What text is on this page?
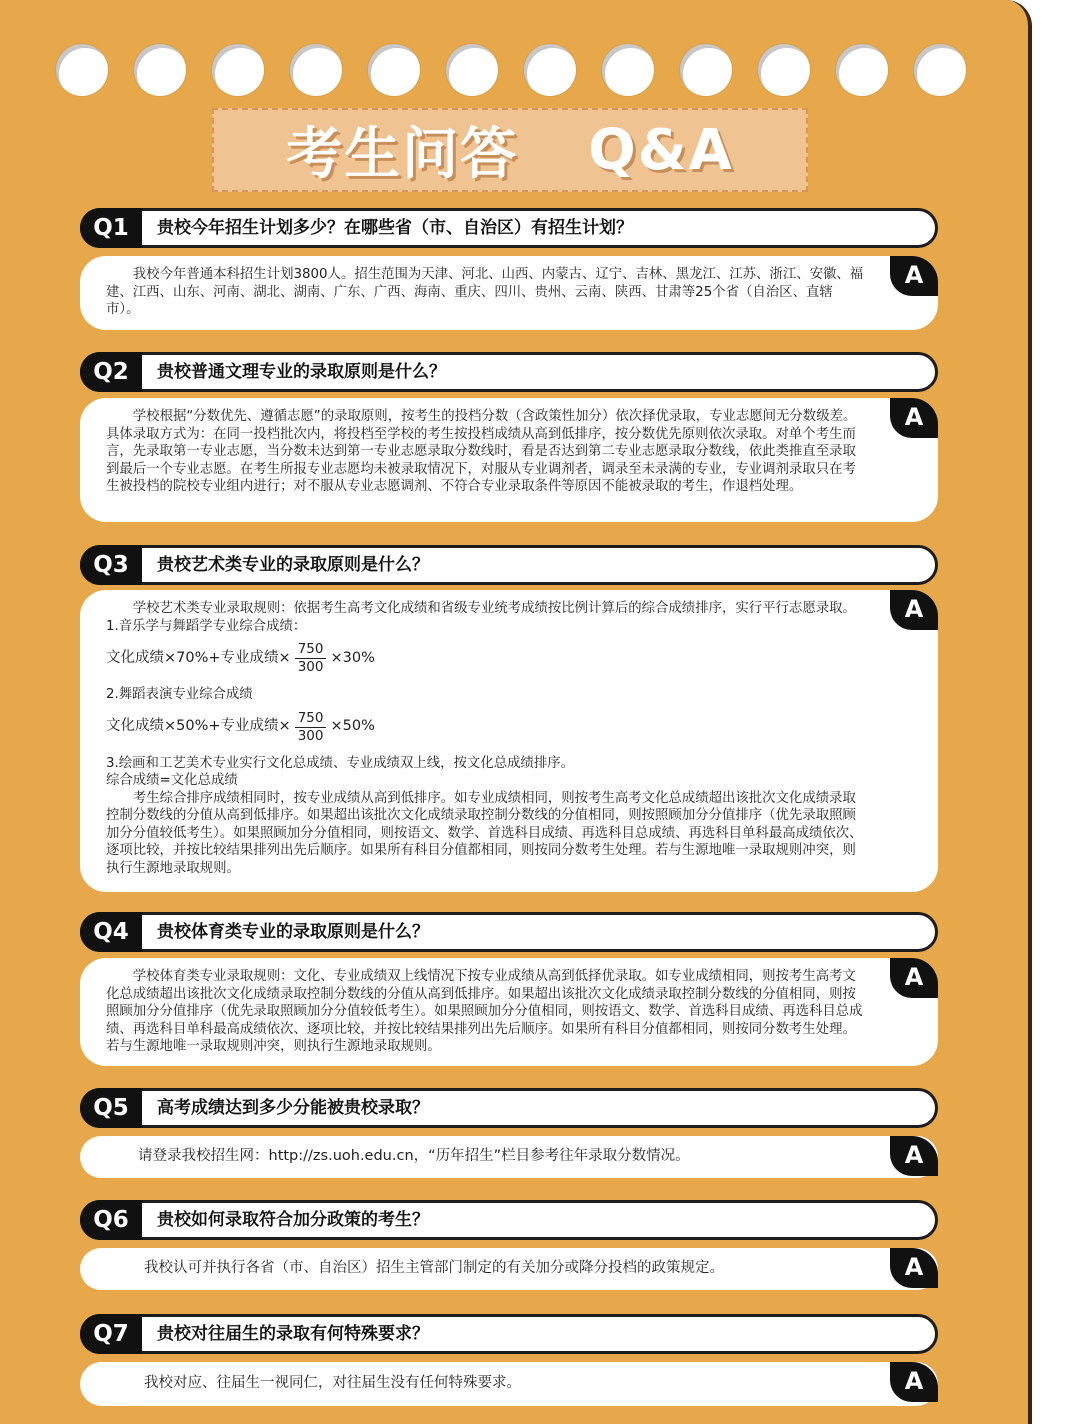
考生问答 Q&A
Q1	贵校今年招生计划多少？在哪些省（市、自治区）有招生计划？
A

我校今年普通本科招生计划3800人。招生范围为天津、河北、山西、内蒙古、辽宁、吉林、黑龙江、江苏、浙江、安徽、福建、江西、山东、河南、湖北、湖南、广东、广西、海南、重庆、四川、贵州、云南、陕西、甘肃等25个省（自治区、直辖市）。

Q2	贵校普通文理专业的录取原则是什么？
A

学校根据“分数优先、遵循志愿”的录取原则，按考生的投档分数（含政策性加分）依次择优录取，专业志愿间无分数级差。具体录取方式为：在同一投档批次内，将投档至学校的考生按投档成绩从高到低排序，按分数优先原则依次录取。对单个考生而言，先录取第一专业志愿，当分数未达到第一专业志愿录取分数线时，看是否达到第二专业志愿录取分数线，依此类推直至录取到最后一个专业志愿。在考生所报专业志愿均未被录取情况下，对服从专业调剂者，调录至未录满的专业，专业调剂录取只在考生被投档的院校专业组内进行；对不服从专业志愿调剂、不符合专业录取条件等原因不能被录取的考生，作退档处理。

Q3	贵校艺术类专业的录取原则是什么？
A

学校艺术类专业录取规则：依据考生高考文化成绩和省级专业统考成绩按比例计算后的综合成绩排序，实行平行志愿录取。

1.音乐学与舞蹈学专业综合成绩：

文化成绩×70%+专业成绩× $\frac{750}{300} \times 30\%$

2.舞蹈表演专业综合成绩

文化成绩×50%+专业成绩× $\frac{750}{300} \times 50\%$

3.绘画和工艺美术专业实行文化总成绩、专业成绩双上线，按文化总成绩排序。

综合成绩=文化总成绩

考生综合排序成绩相同时，按专业成绩从高到低排序。如专业成绩相同，则按考生高考文化总成绩超出该批次文化成绩录取控制分数线的分值从高到低排序。如果超出该批次文化成绩录取控制分数线的分值相同，则按照顾加分分值排序（优先录取照顾加分分值较低考生）。如果照顾加分分值相同，则按语文、数学、首选科目成绩、再选科目总成绩、再选科目单科最高成绩依次、逐项比较，并按比较结果排列出先后顺序。如果所有科目分值都相同，则按同分数考生处理。若与生源地唯一录取规则冲突，则执行生源地录取规则。

Q4	贵校体育类专业的录取原则是什么？
A

学校体育类专业录取规则：文化、专业成绩双上线情况下按专业成绩从高到低择优录取。如专业成绩相同，则按考生高考文化总成绩超出该批次文化成绩录取控制分数线的分值从高到低排序。如果超出该批次文化成绩录取控制分数线的分值相同，则按照顾加分分值排序（优先录取照顾加分分值较低考生）。如果照顾加分分值相同，则按语文、数学、首选科目成绩、再选科目总成绩、再选科目单科最高成绩依次、逐项比较，并按比较结果排列出先后顺序。如果所有科目分值都相同，则按同分数考生处理。若与生源地唯一录取规则冲突，则执行生源地录取规则。

Q5	高考成绩达到多少分能被贵校录取？
A

请登录我校招生网：http://zs.uoh.edu.cn，“历年招生”栏目参考往年录取分数情况。

Q6	贵校如何录取符合加分政策的考生？
A

我校认可并执行各省（市、自治区）招生主管部门制定的有关加分或降分投档的政策规定。

Q7	贵校对往届生的录取有何特殊要求？
A

我校对应、往届生一视同仁，对往届生没有任何特殊要求。
